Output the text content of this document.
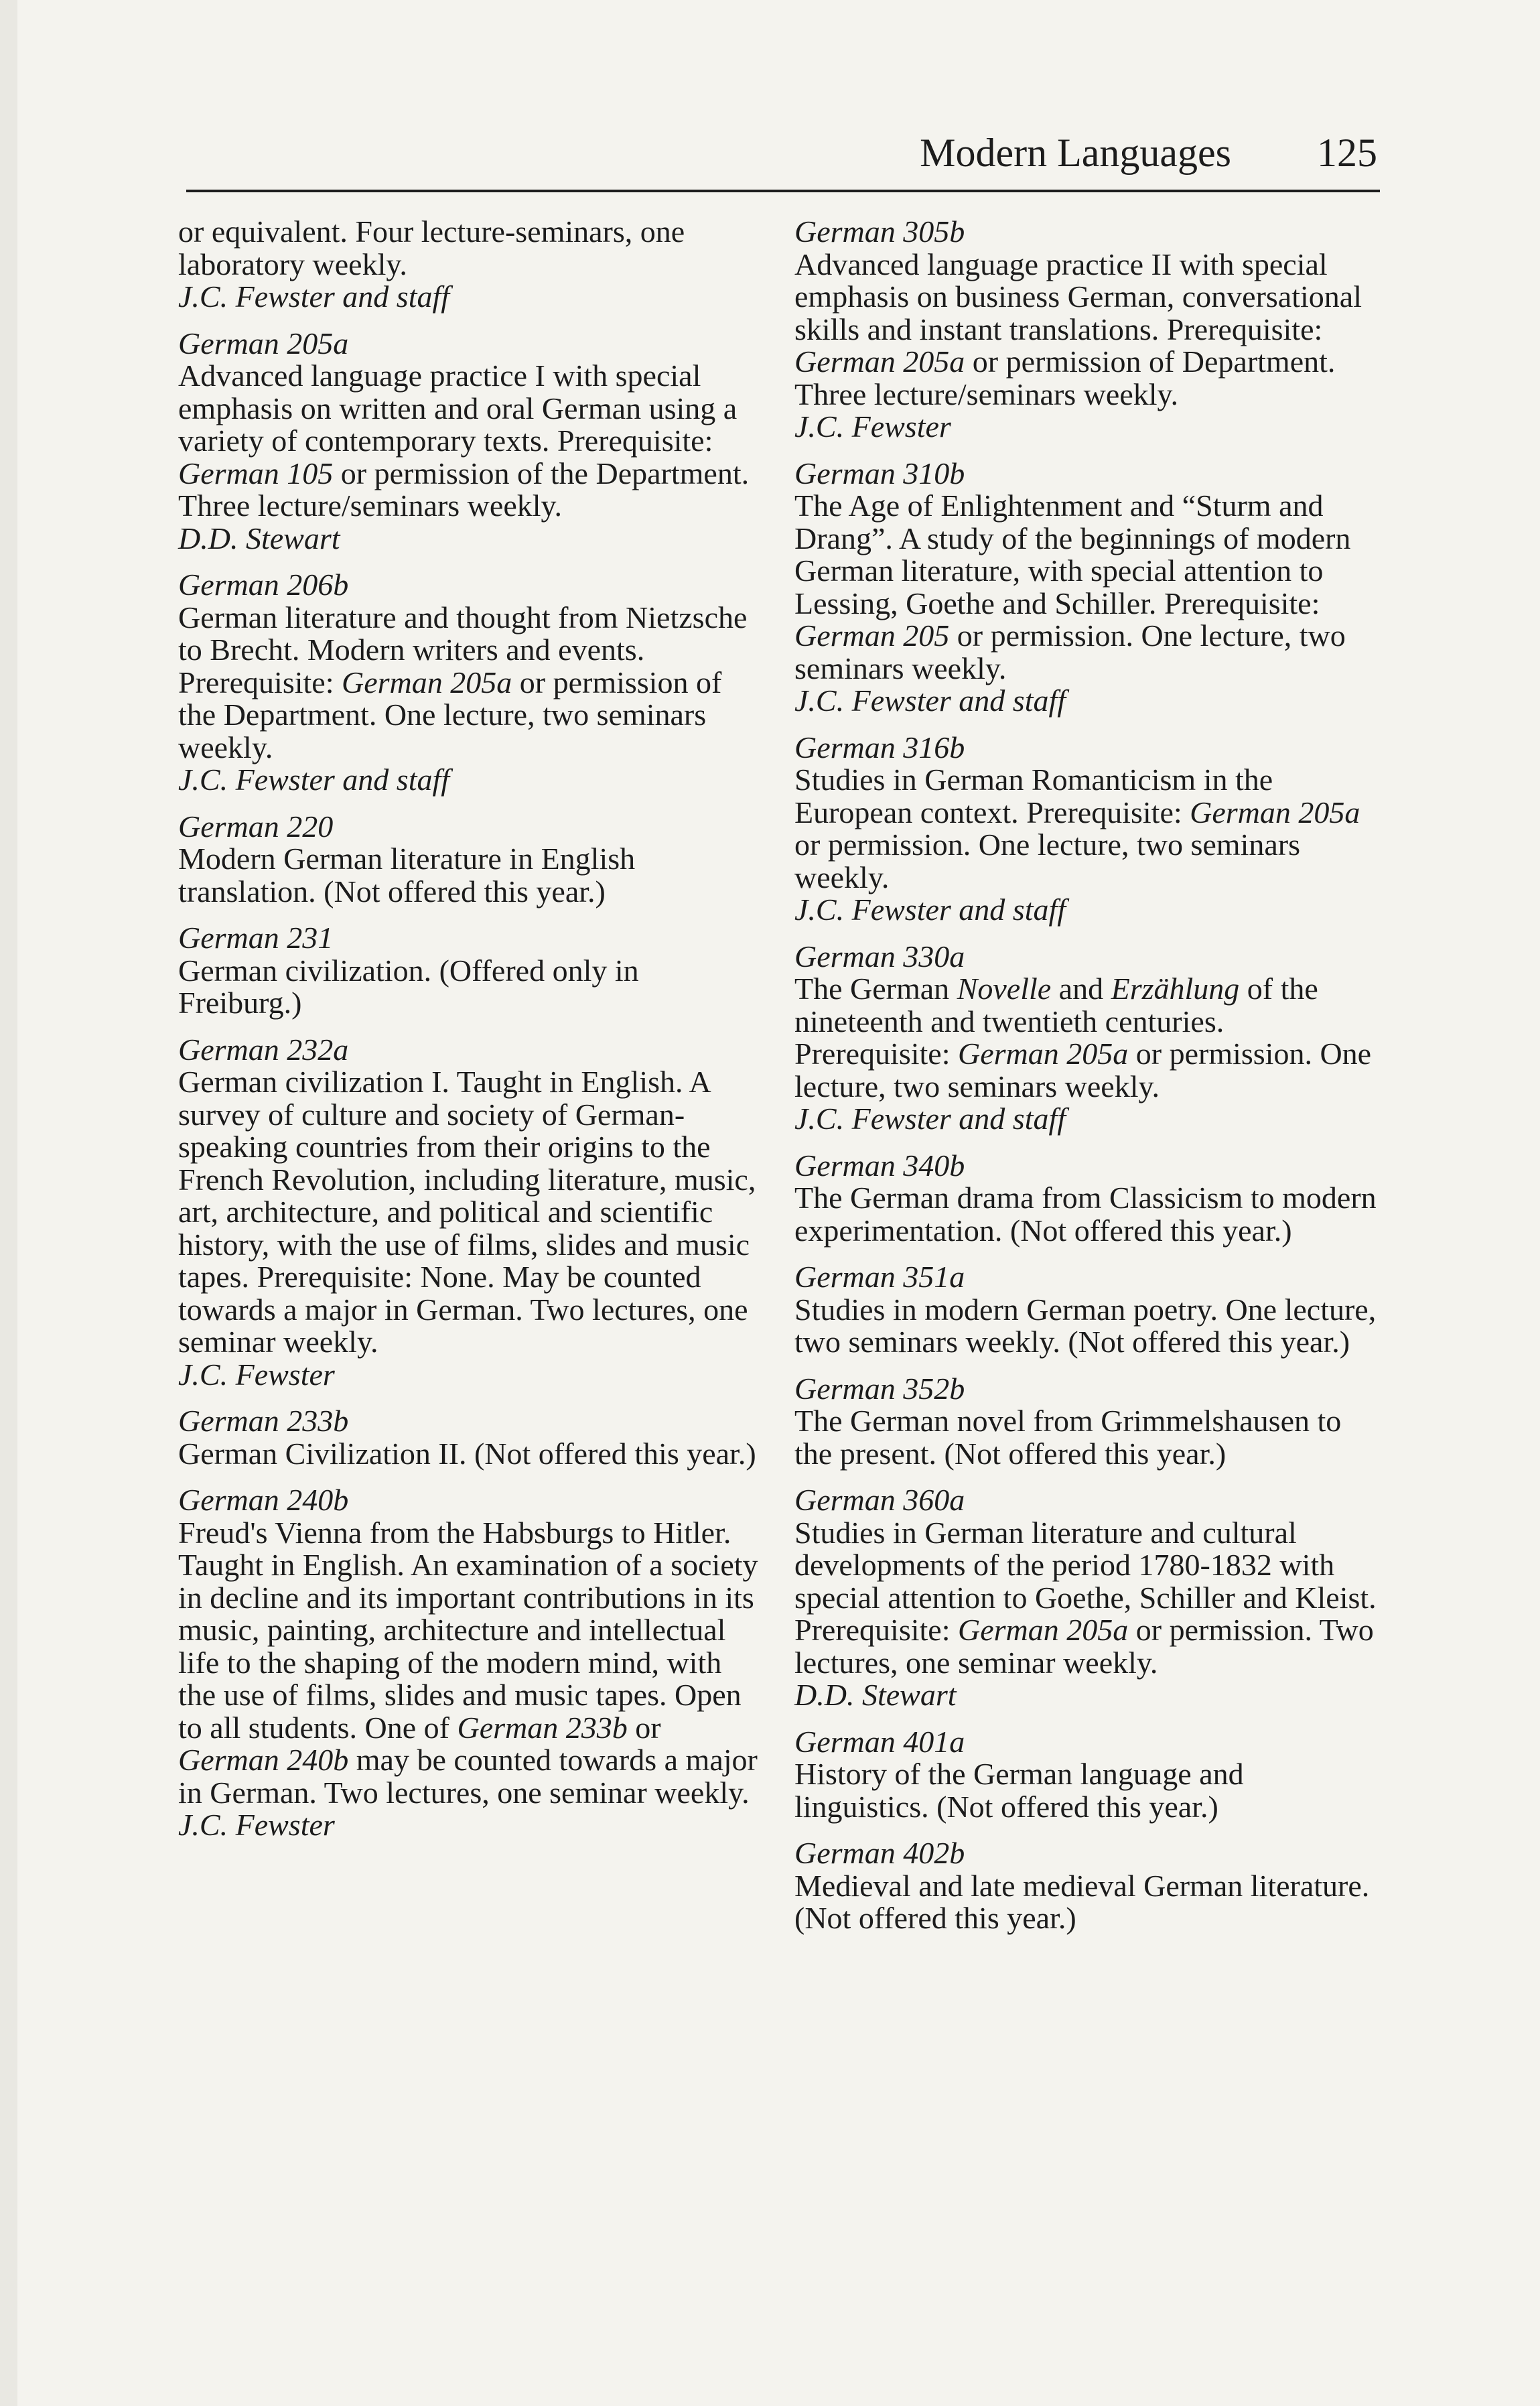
Modern Languages 125

or equivalent. Four lecture-seminars, one laboratory weekly.

J.C. Fewster and staff

German 205a

Advanced language practice I with special emphasis on written and oral German using a variety of contemporary texts. Prerequisite: German 105 or permission of the Department. Three lecture/seminars weekly.

D.D. Stewart

German 206b

German literature and thought from Nietzsche to Brecht. Modern writers and events. Prerequisite: German 205a or permission of the Department. One lecture, two seminars weekly.

J.C. Fewster and staff

German 220

Modern German literature in English translation. (Not offered this year.)

German 231

German civilization. (Offered only in Freiburg.)

German 232a

German civilization I. Taught in English. A survey of culture and society of German-speaking countries from their origins to the French Revolution, including literature, music, art, architecture, and political and scientific history, with the use of films, slides and music tapes. Prerequisite: None. May be counted towards a major in German. Two lectures, one seminar weekly.

J.C. Fewster

German 233b

German Civilization II. (Not offered this year.)

German 240b

Freud's Vienna from the Habsburgs to Hitler. Taught in English. An examination of a society in decline and its important contributions in its music, painting, architecture and intellectual life to the shaping of the modern mind, with the use of films, slides and music tapes. Open to all students. One of German 233b or German 240b may be counted towards a major in German. Two lectures, one seminar weekly.

J.C. Fewster

German 305b

Advanced language practice II with special emphasis on business German, conversational skills and instant translations. Prerequisite: German 205a or permission of Department. Three lecture/seminars weekly.

J.C. Fewster

German 310b

The Age of Enlightenment and “Sturm and Drang”. A study of the beginnings of modern German literature, with special attention to Lessing, Goethe and Schiller. Prerequisite: German 205 or permission. One lecture, two seminars weekly.

J.C. Fewster and staff

German 316b

Studies in German Romanticism in the European context. Prerequisite: German 205a or permission. One lecture, two seminars weekly.

J.C. Fewster and staff

German 330a

The German Novelle and Erzählung of the nineteenth and twentieth centuries. Prerequisite: German 205a or permission. One lecture, two seminars weekly.

J.C. Fewster and staff

German 340b

The German drama from Classicism to modern experimentation. (Not offered this year.)

German 351a

Studies in modern German poetry. One lecture, two seminars weekly. (Not offered this year.)

German 352b

The German novel from Grimmelshausen to the present. (Not offered this year.)

German 360a

Studies in German literature and cultural developments of the period 1780-1832 with special attention to Goethe, Schiller and Kleist. Prerequisite: German 205a or permission. Two lectures, one seminar weekly.

D.D. Stewart

German 401a

History of the German language and linguistics. (Not offered this year.)

German 402b

Medieval and late medieval German literature. (Not offered this year.)
